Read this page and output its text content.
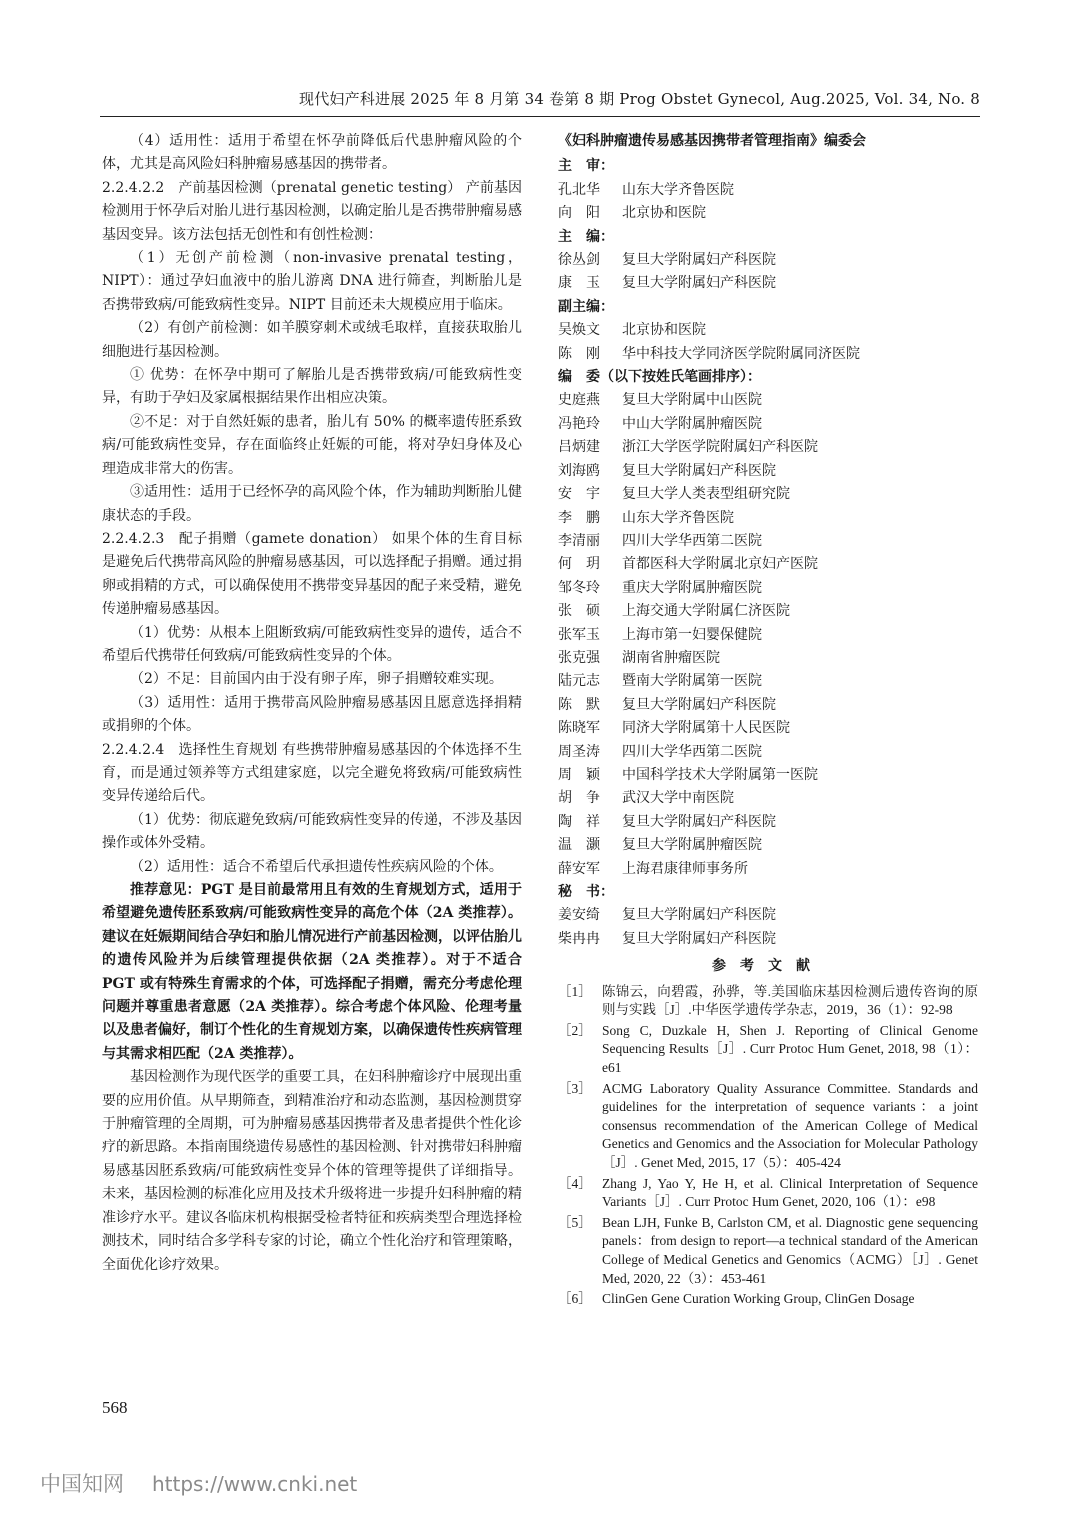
现代妇产科进展 2025 年 8 月第 34 卷第 8 期 Prog Obstet Gynecol, Aug.2025, Vol. 34, No. 8

（4）适用性：适用于希望在怀孕前降低后代患肿瘤风险的个体，尤其是高风险妇科肿瘤易感基因的携带者。

2.2.4.2.2 产前基因检测（prenatal genetic testing） 产前基因检测用于怀孕后对胎儿进行基因检测，以确定胎儿是否携带肿瘤易感基因变异。该方法包括无创性和有创性检测：

（1）无创产前检测（non-invasive prenatal testing，NIPT）：通过孕妇血液中的胎儿游离 DNA 进行筛查，判断胎儿是否携带致病/可能致病性变异。NIPT 目前还未大规模应用于临床。

（2）有创产前检测：如羊膜穿刺术或绒毛取样，直接获取胎儿细胞进行基因检测。

① 优势：在怀孕中期可了解胎儿是否携带致病/可能致病性变异，有助于孕妇及家属根据结果作出相应决策。

②不足：对于自然妊娠的患者，胎儿有 50% 的概率遗传胚系致病/可能致病性变异，存在面临终止妊娠的可能，将对孕妇身体及心理造成非常大的伤害。

③适用性：适用于已经怀孕的高风险个体，作为辅助判断胎儿健康状态的手段。

2.2.4.2.3 配子捐赠（gamete donation） 如果个体的生育目标是避免后代携带高风险的肿瘤易感基因，可以选择配子捐赠。通过捐卵或捐精的方式，可以确保使用不携带变异基因的配子来受精，避免传递肿瘤易感基因。

（1）优势：从根本上阻断致病/可能致病性变异的遗传，适合不希望后代携带任何致病/可能致病性变异的个体。

（2）不足：目前国内由于没有卵子库，卵子捐赠较难实现。

（3）适用性：适用于携带高风险肿瘤易感基因且愿意选择捐精或捐卵的个体。

2.2.4.2.4 选择性生育规划 有些携带肿瘤易感基因的个体选择不生育，而是通过领养等方式组建家庭，以完全避免将致病/可能致病性变异传递给后代。

（1）优势：彻底避免致病/可能致病性变异的传递，不涉及基因操作或体外受精。

（2）适用性：适合不希望后代承担遗传性疾病风险的个体。

推荐意见：PGT 是目前最常用且有效的生育规划方式，适用于希望避免遗传胚系致病/可能致病性变异的高危个体（2A 类推荐）。建议在妊娠期间结合孕妇和胎儿情况进行产前基因检测，以评估胎儿的遗传风险并为后续管理提供依据（2A 类推荐）。对于不适合 PGT 或有特殊生育需求的个体，可选择配子捐赠，需充分考虑伦理问题并尊重患者意愿（2A 类推荐）。综合考虑个体风险、伦理考量以及患者偏好，制订个性化的生育规划方案，以确保遗传性疾病管理与其需求相匹配（2A 类推荐）。

基因检测作为现代医学的重要工具，在妇科肿瘤诊疗中展现出重要的应用价值。从早期筛查，到精准治疗和动态监测，基因检测贯穿于肿瘤管理的全周期，可为肿瘤易感基因携带者及患者提供个性化诊疗的新思路。本指南围绕遗传易感性的基因检测、针对携带妇科肿瘤易感基因胚系致病/可能致病性变异个体的管理等提供了详细指导。未来，基因检测的标准化应用及技术升级将进一步提升妇科肿瘤的精准诊疗水平。建议各临床机构根据受检者特征和疾病类型合理选择检测技术，同时结合多学科专家的讨论，确立个性化治疗和管理策略，全面优化诊疗效果。

《妇科肿瘤遗传易感基因携带者管理指南》编委会

主　审：

孔北华 山东大学齐鲁医院

向　阳 北京协和医院

主　编：

徐丛剑 复旦大学附属妇产科医院

康　玉 复旦大学附属妇产科医院

副主编：

吴焕文 北京协和医院

陈　刚 华中科技大学同济医学院附属同济医院

编　委（以下按姓氏笔画排序）：

史庭燕 复旦大学附属中山医院

冯艳玲 中山大学附属肿瘤医院

吕炳建 浙江大学医学院附属妇产科医院

刘海鸥 复旦大学附属妇产科医院

安　宇 复旦大学人类表型组研究院

李　鹏 山东大学齐鲁医院

李清丽 四川大学华西第二医院

何　玥 首都医科大学附属北京妇产医院

邹冬玲 重庆大学附属肿瘤医院

张　硕 上海交通大学附属仁济医院

张军玉 上海市第一妇婴保健院

张克强 湖南省肿瘤医院

陆元志 暨南大学附属第一医院

陈　默 复旦大学附属妇产科医院

陈晓军 同济大学附属第十人民医院

周圣涛 四川大学华西第二医院

周　颖 中国科学技术大学附属第一医院

胡　争 武汉大学中南医院

陶　祥 复旦大学附属妇产科医院

温　灏 复旦大学附属肿瘤医院

薛安军 上海君康律师事务所

秘　书：

姜安绮 复旦大学附属妇产科医院

柴冉冉 复旦大学附属妇产科医院

参考文献

［1］ 陈锦云，向碧霞，孙骅，等.美国临床基因检测后遗传咨询的原则与实践［J］.中华医学遗传学杂志，2019，36（1）：92-98
［2］ Song C, Duzkale H, Shen J. Reporting of Clinical Genome Sequencing Results［J］. Curr Protoc Hum Genet, 2018, 98（1）：e61
［3］ ACMG Laboratory Quality Assurance Committee. Standards and guidelines for the interpretation of sequence variants：a joint consensus recommendation of the American College of Medical Genetics and Genomics and the Association for Molecular Pathology［J］. Genet Med, 2015, 17（5）：405-424
［4］ Zhang J, Yao Y, He H, et al. Clinical Interpretation of Sequence Variants［J］. Curr Protoc Hum Genet, 2020, 106（1）：e98
［5］ Bean LJH, Funke B, Carlston CM, et al. Diagnostic gene sequencing panels：from design to report—a technical standard of the American College of Medical Genetics and Genomics（ACMG）［J］. Genet Med, 2020, 22（3）：453-461
［6］ ClinGen Gene Curation Working Group, ClinGen Dosage
568
中国知网 https://www.cnki.net
